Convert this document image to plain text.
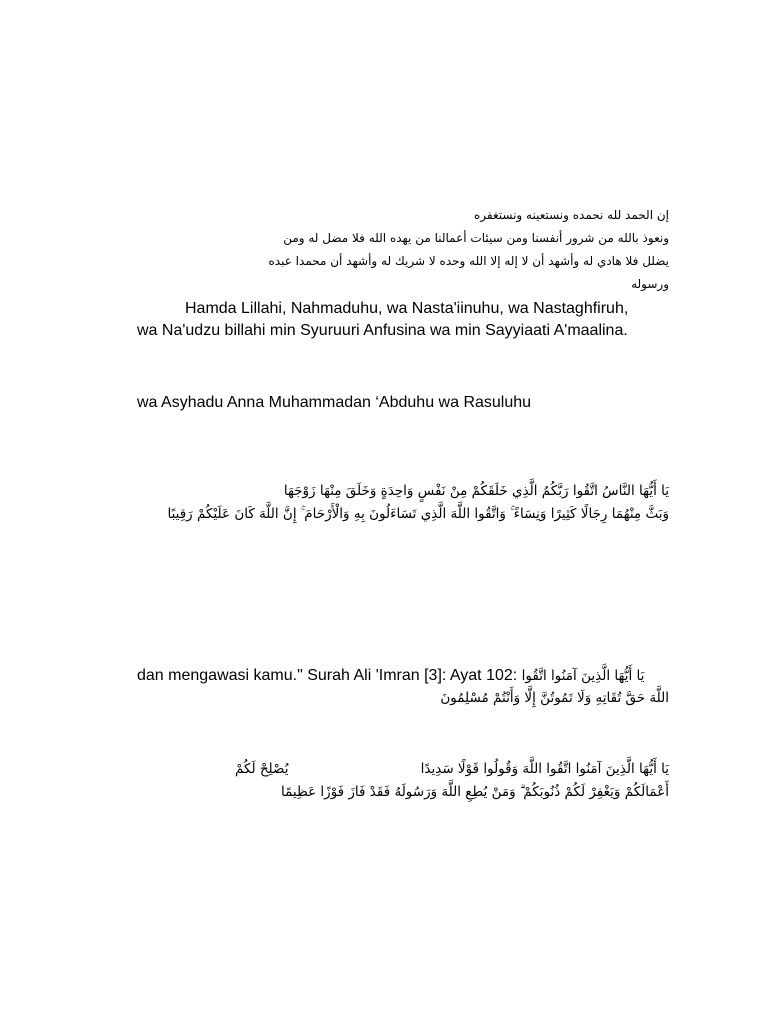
إن الحمد لله نحمده ونستعينه ونستغفره
ونعوذ بالله من شرور أنفسنا ومن سيئات أعمالنا من يهده الله فلا مضل له ومن
يضلل فلا هادي له وأشهد أن لا إله إلا الله وحده لا شريك له وأشهد أن محمدا عبده
ورسوله
Hamda Lillahi, Nahmaduhu, wa Nasta'iinuhu, wa Nastaghfiruh,
wa Na'udzu billahi min Syuruuri Anfusina wa min Sayyiaati A'maalina.
wa Asyhadu Anna Muhammadan ‘Abduhu wa Rasuluhu
يَا أَيُّهَا النَّاسُ اتَّقُوا رَبَّكُمُ الَّذِي خَلَقَكُمْ مِنْ نَفْسٍ وَاحِدَةٍ وَخَلَقَ مِنْهَا زَوْجَهَا
وَبَثَّ مِنْهُمَا رِجَالًا كَثِيرًا وَنِسَاءً ۚ وَاتَّقُوا اللَّهَ الَّذِي تَسَاءَلُونَ بِهِ وَالْأَرْحَامَ ۚ إِنَّ اللَّهَ كَانَ عَلَيْكُمْ رَقِيبًا
dan mengawasi kamu." Surah Ali 'Imran [3]: Ayat 102: يَا أَيُّهَا الَّذِينَ آمَنُوا اتَّقُوا
اللَّهَ حَقَّ تُقَاتِهِ وَلَا تَمُوتُنَّ إِلَّا وَأَنْتُمْ مُسْلِمُونَ
يُصْلِحْ لَكُمْ	يَا أَيُّهَا الَّذِينَ آمَنُوا اتَّقُوا اللَّهَ وَقُولُوا قَوْلًا سَدِيدًا
أَعْمَالَكُمْ وَيَغْفِرْ لَكُمْ ذُنُوبَكُمْ ۗ وَمَنْ يُطِعِ اللَّهَ وَرَسُولَهُ فَقَدْ فَازَ فَوْزًا عَظِيمًا
